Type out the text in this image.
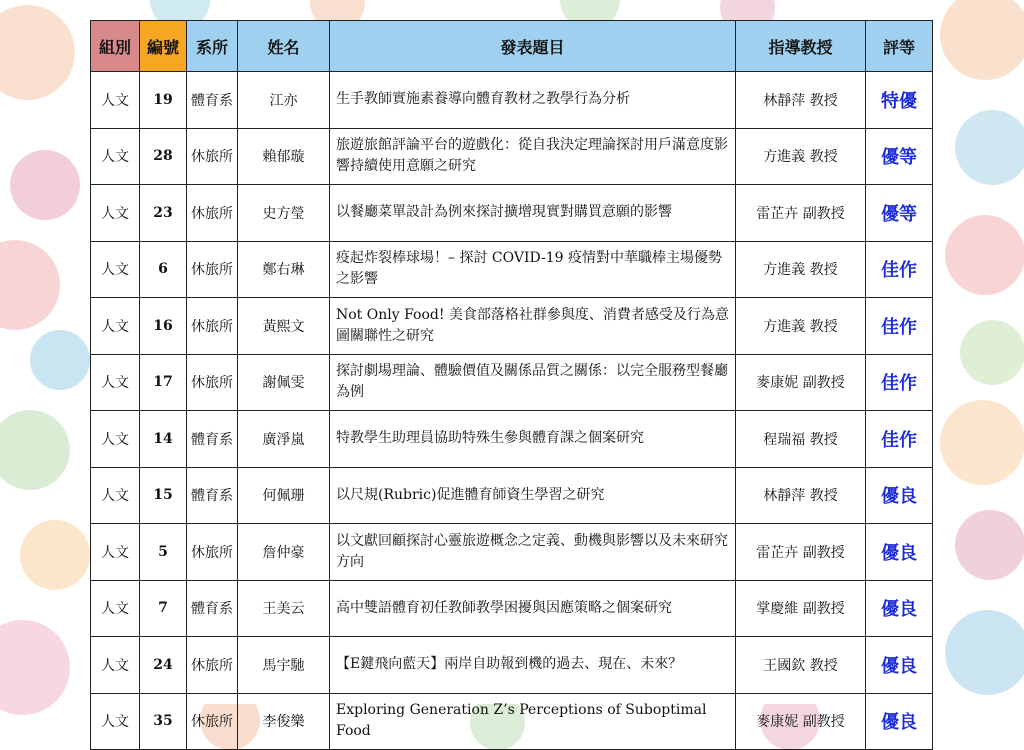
組別	編號	系所	姓名	發表題目	指導教授	評等
人文	19	體育系	江亦	生手教師實施素養導向體育教材之教學行為分析	林靜萍 教授	特優
人文	28	休旅所	賴郁璇	旅遊旅館評論平台的遊戲化：從自我決定理論探討用戶滿意度影響持續使用意願之研究	方進義 教授	優等
人文	23	休旅所	史方瑩	以餐廳菜單設計為例來探討擴增現實對購買意願的影響	雷芷卉 副教授	優等
人文	6	休旅所	鄭右琳	疫起炸裂棒球場！– 探討 COVID-19 疫情對中華職棒主場優勢之影響	方進義 教授	佳作
人文	16	休旅所	黃熙文	Not Only Food! 美食部落格社群參與度、消費者感受及行為意圖關聯性之研究	方進義 教授	佳作
人文	17	休旅所	謝佩雯	探討劇場理論、體驗價值及關係品質之關係：以完全服務型餐廳為例	麥康妮 副教授	佳作
人文	14	體育系	廣淨嵐	特教學生助理員協助特殊生參與體育課之個案研究	程瑞福 教授	佳作
人文	15	體育系	何佩珊	以尺規(Rubric)促進體育師資生學習之研究	林靜萍 教授	優良
人文	5	休旅所	詹仲豪	以文獻回顧探討心靈旅遊概念之定義、動機與影響以及未來研究方向	雷芷卉 副教授	優良
人文	7	體育系	王美云	高中雙語體育初任教師教學困擾與因應策略之個案研究	掌慶維 副教授	優良
人文	24	休旅所	馬宇馳	【E鍵飛向藍天】兩岸自助報到機的過去、現在、未來？	王國欽 教授	優良
人文	35	休旅所	李俊樂	Exploring Generation Z’s Perceptions of Suboptimal Food	麥康妮 副教授	優良
